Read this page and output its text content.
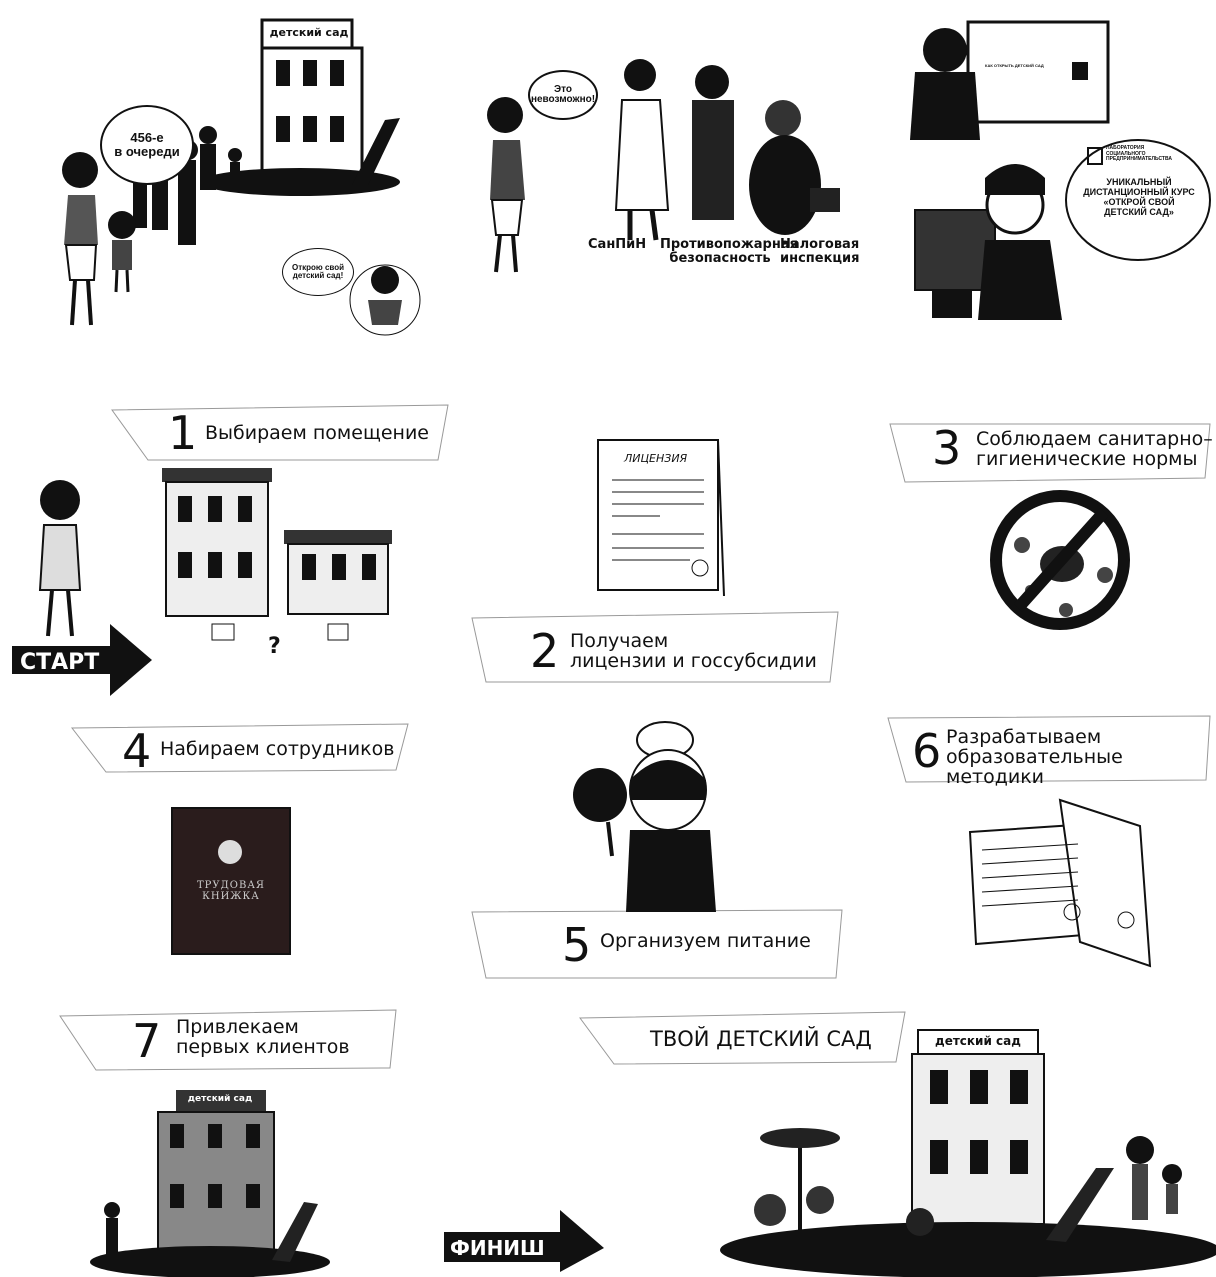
детский сад
456-е
в очереди
Открою свой
детский сад!
Это
невозможно!
СанПиН Противопожарная
безопасность
Налоговая
инспекция
КАК ОТКРЫТЬ ДЕТСКИЙ САД
ЛАБОРАТОРИЯ
СОЦИАЛЬНОГО
ПРЕДПРИНИМАТЕЛЬСТВА
УНИКАЛЬНЫЙ
ДИСТАНЦИОННЫЙ КУРС
«ОТКРОЙ СВОЙ
ДЕТСКИЙ САД»
1 Выбираем помещение
2 Получаем
лицензии и госсубсидии
3 Соблюдаем санитарно–
гигиенические нормы
4 Набираем сотрудников
5 Организуем питание
6 Разрабатываем
образовательные методики
7 Привлекаем
первых клиентов	ТВОЙ ДЕТСКИЙ САД
СТАРТ
?
ЛИЦЕНЗИЯ
ТРУДОВАЯ
КНИЖКА
детский сад
ФИНИШ
детский сад
